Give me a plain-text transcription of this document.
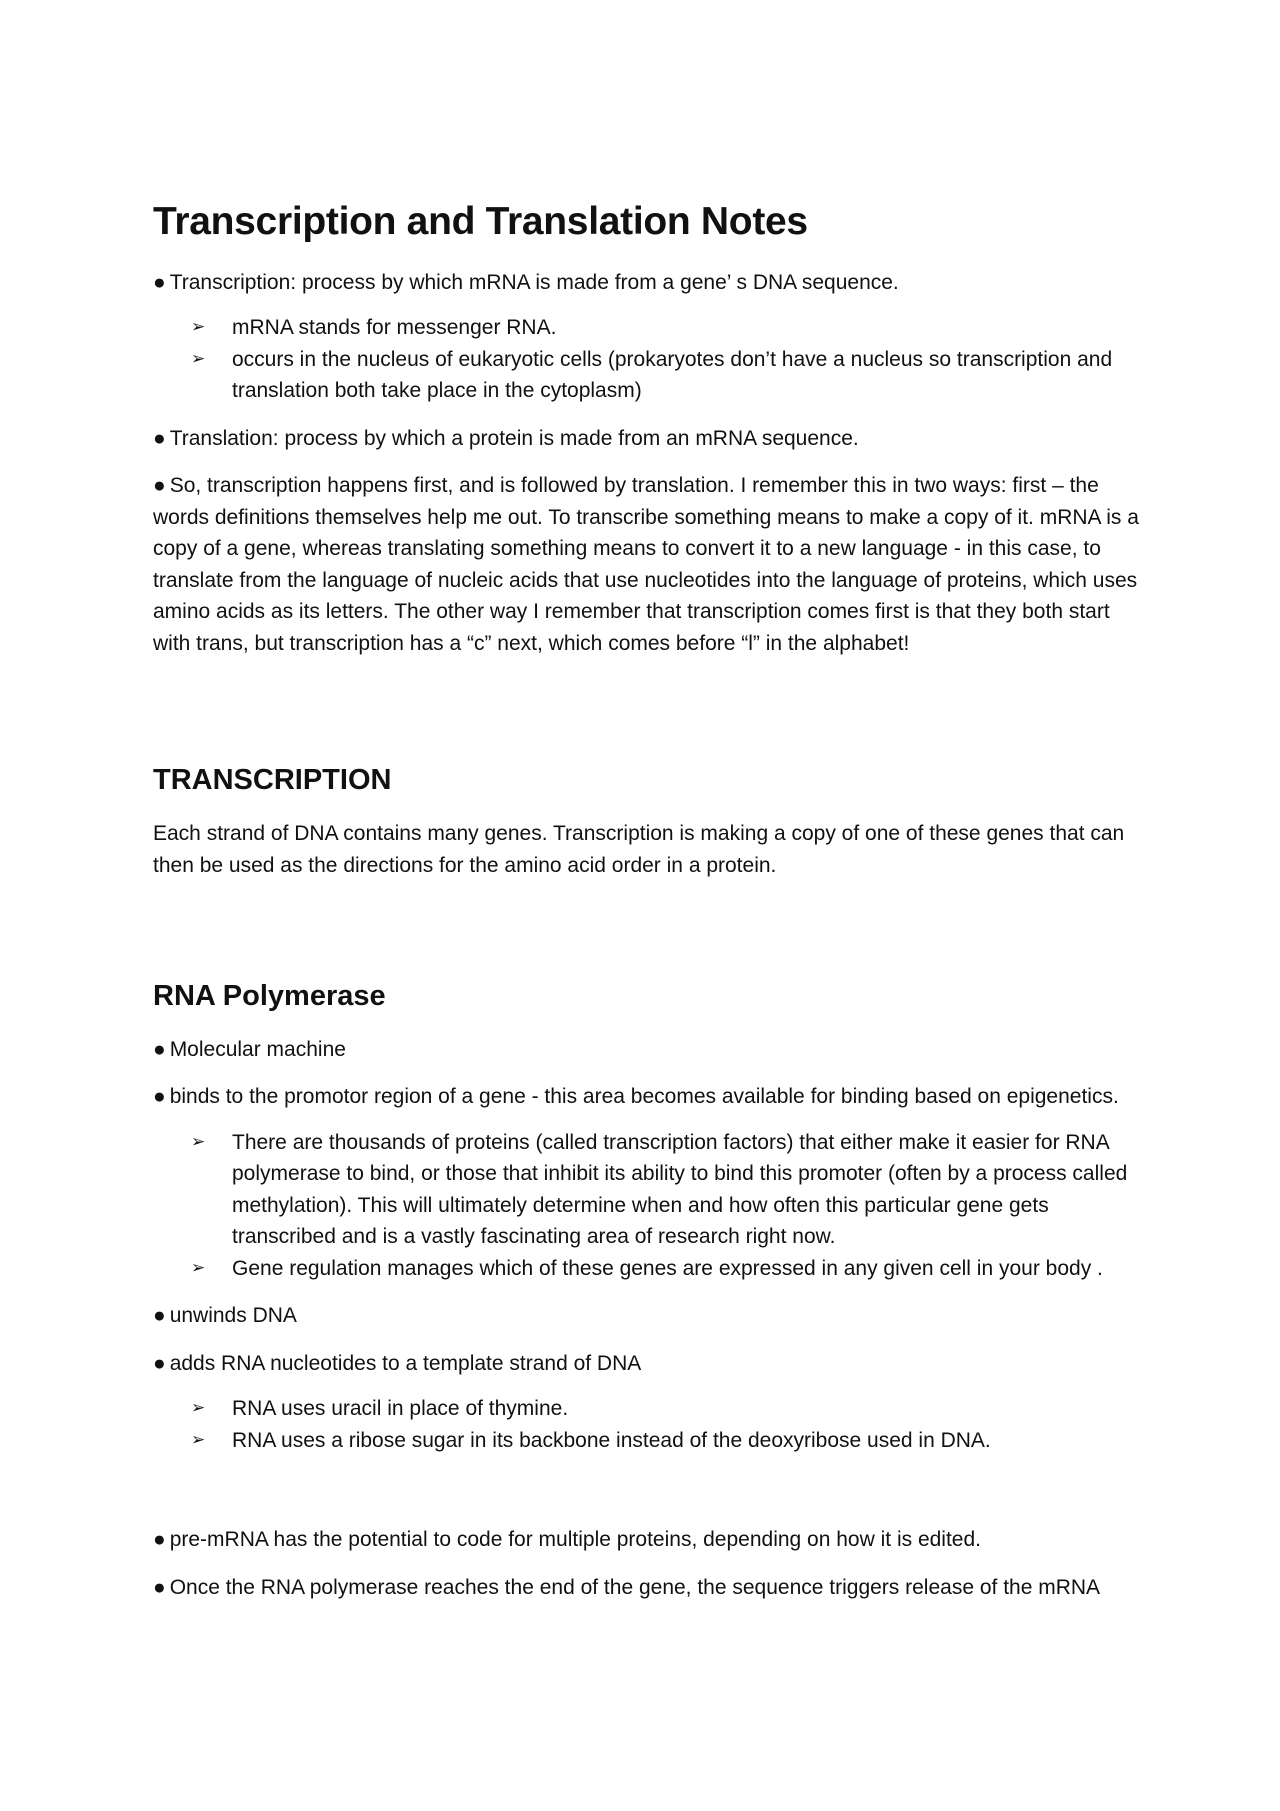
Transcription and Translation Notes

● Transcription: process by which mRNA is made from a gene’ s DNA sequence.

➢ mRNA stands for messenger RNA.
➢ occurs in the nucleus of eukaryotic cells (prokaryotes don’t have a nucleus so transcription and translation both take place in the cytoplasm)

● Translation: process by which a protein is made from an mRNA sequence.

● So, transcription happens first, and is followed by translation. I remember this in two ways: first – the words definitions themselves help me out. To transcribe something means to make a copy of it. mRNA is a copy of a gene, whereas translating something means to convert it to a new language - in this case, to translate from the language of nucleic acids that use nucleotides into the language of proteins, which uses amino acids as its letters. The other way I remember that transcription comes first is that they both start with trans, but transcription has a “c” next, which comes before “l” in the alphabet!

TRANSCRIPTION

Each strand of DNA contains many genes. Transcription is making a copy of one of these genes that can then be used as the directions for the amino acid order in a protein.

RNA Polymerase

● Molecular machine

● binds to the promotor region of a gene - this area becomes available for binding based on epigenetics.

➢ There are thousands of proteins (called transcription factors) that either make it easier for RNA polymerase to bind, or those that inhibit its ability to bind this promoter (often by a process called methylation). This will ultimately determine when and how often this particular gene gets transcribed and is a vastly fascinating area of research right now.
➢ Gene regulation manages which of these genes are expressed in any given cell in your body .

● unwinds DNA

● adds RNA nucleotides to a template strand of DNA

➢ RNA uses uracil in place of thymine.
➢ RNA uses a ribose sugar in its backbone instead of the deoxyribose used in DNA.

● pre-mRNA has the potential to code for multiple proteins, depending on how it is edited.

● Once the RNA polymerase reaches the end of the gene, the sequence triggers release of the mRNA
